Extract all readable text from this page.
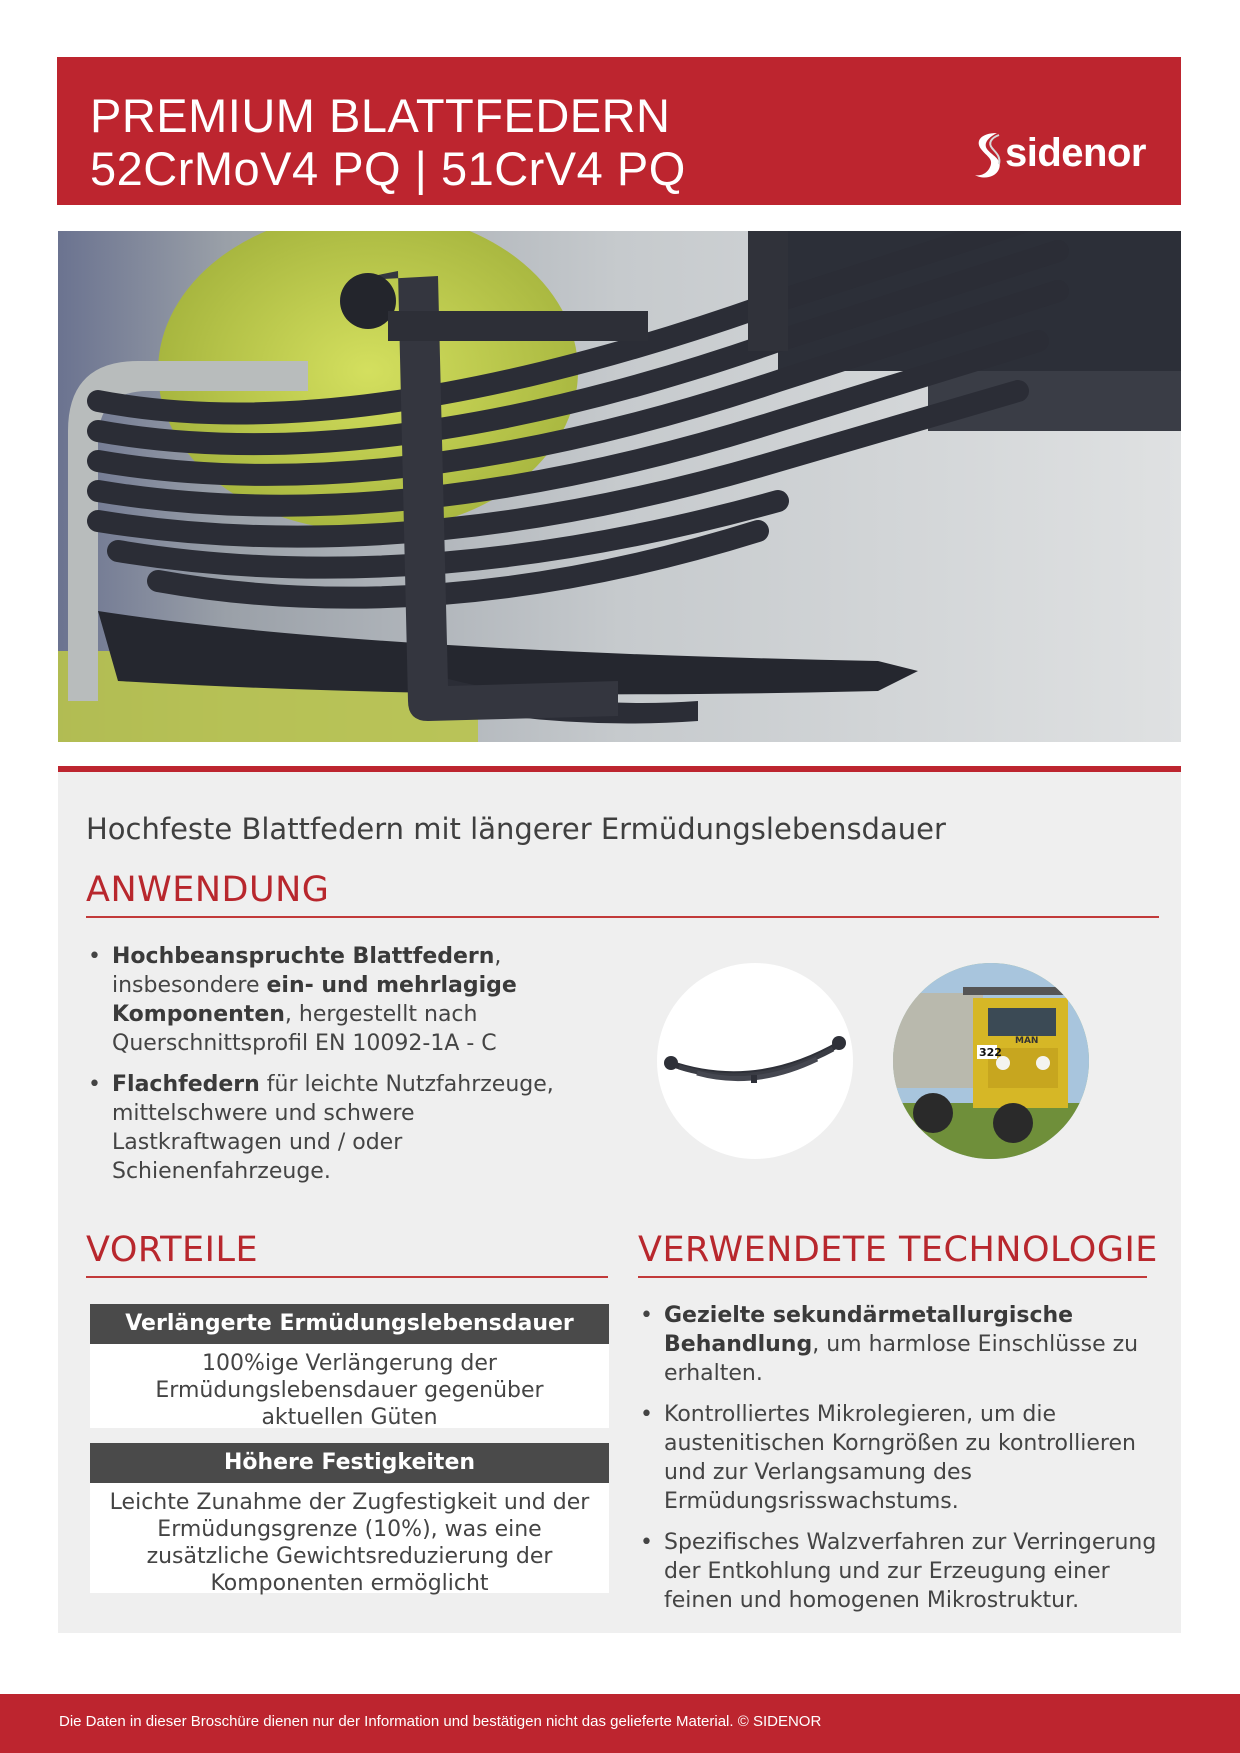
PREMIUM BLATTFEDERN
52CrMoV4 PQ | 51CrV4 PQ	sidenor
Hochfeste Blattfedern mit längerer Ermüdungslebensdauer
ANWENDUNG
• Hochbeanspruchte Blattfedern, insbesondere ein- und mehrlagige Komponenten, hergestellt nach Querschnittsprofil EN 10092-1A - C
• Flachfedern für leichte Nutzfahrzeuge, mittelschwere und schwere Lastkraftwagen und / oder Schienenfahrzeuge.
322
MAN
VORTEILE
Verlängerte Ermüdungslebensdauer
100%ige Verlängerung der Ermüdungslebensdauer gegenüber aktuellen Güten
Höhere Festigkeiten
Leichte Zunahme der Zugfestigkeit und der Ermüdungsgrenze (10%), was eine zusätzliche Gewichtsreduzierung der Komponenten ermöglicht
VERWENDETE TECHNOLOGIE
• Gezielte sekundärmetallurgische Behandlung, um harmlose Einschlüsse zu erhalten.
• Kontrolliertes Mikrolegieren, um die austenitischen Korngrößen zu kontrollieren und zur Verlangsamung des Ermüdungsrisswachstums.
• Spezifisches Walzverfahren zur Verringerung der Entkohlung und zur Erzeugung einer feinen und homogenen Mikrostruktur.
Die Daten in dieser Broschüre dienen nur der Information und bestätigen nicht das gelieferte Material. © SIDENOR
